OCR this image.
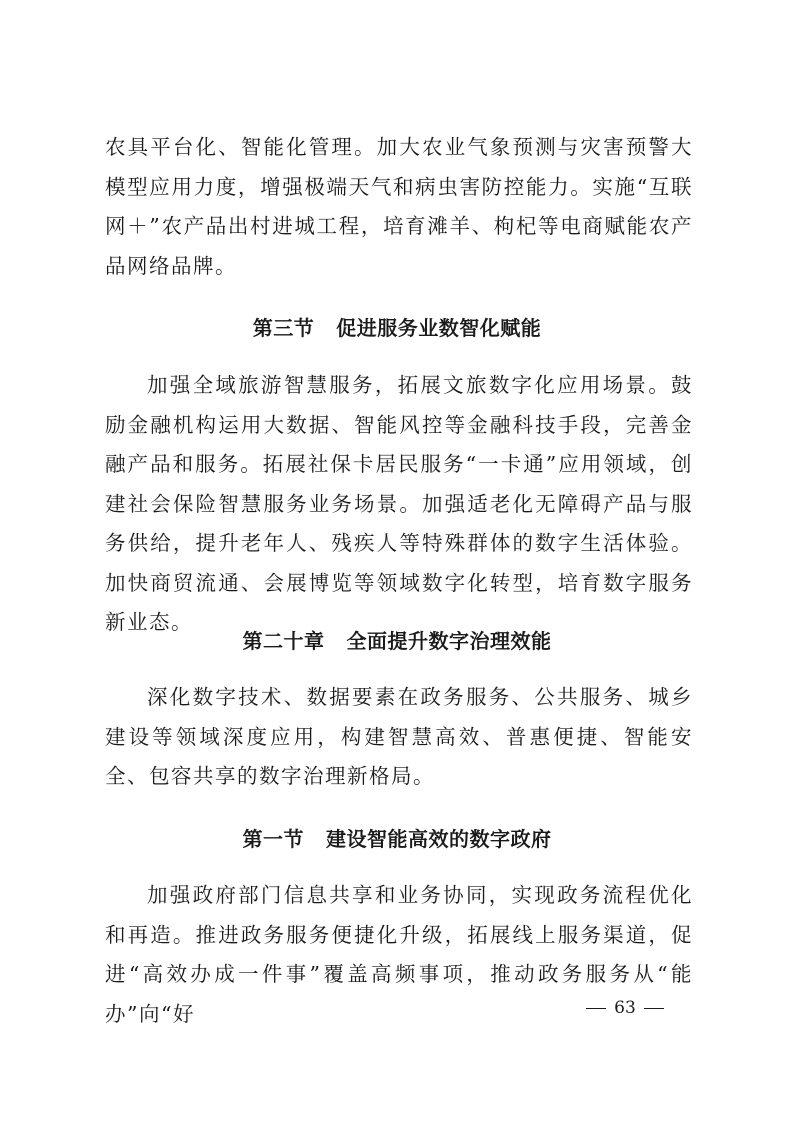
农具平台化、智能化管理。加大农业气象预测与灾害预警大模型应用力度，增强极端天气和病虫害防控能力。实施“互联网＋”农产品出村进城工程，培育滩羊、枸杞等电商赋能农产品网络品牌。

第三节 促进服务业数智化赋能

加强全域旅游智慧服务，拓展文旅数字化应用场景。鼓励金融机构运用大数据、智能风控等金融科技手段，完善金融产品和服务。拓展社保卡居民服务“一卡通”应用领域，创建社会保险智慧服务业务场景。加强适老化无障碍产品与服务供给，提升老年人、残疾人等特殊群体的数字生活体验。加快商贸流通、会展博览等领域数字化转型，培育数字服务新业态。

第二十章 全面提升数字治理效能

深化数字技术、数据要素在政务服务、公共服务、城乡建设等领域深度应用，构建智慧高效、普惠便捷、智能安全、包容共享的数字治理新格局。

第一节 建设智能高效的数字政府

加强政府部门信息共享和业务协同，实现政务流程优化和再造。推进政务服务便捷化升级，拓展线上服务渠道，促进“高效办成一件事”覆盖高频事项，推动政务服务从“能办”向“好	63
